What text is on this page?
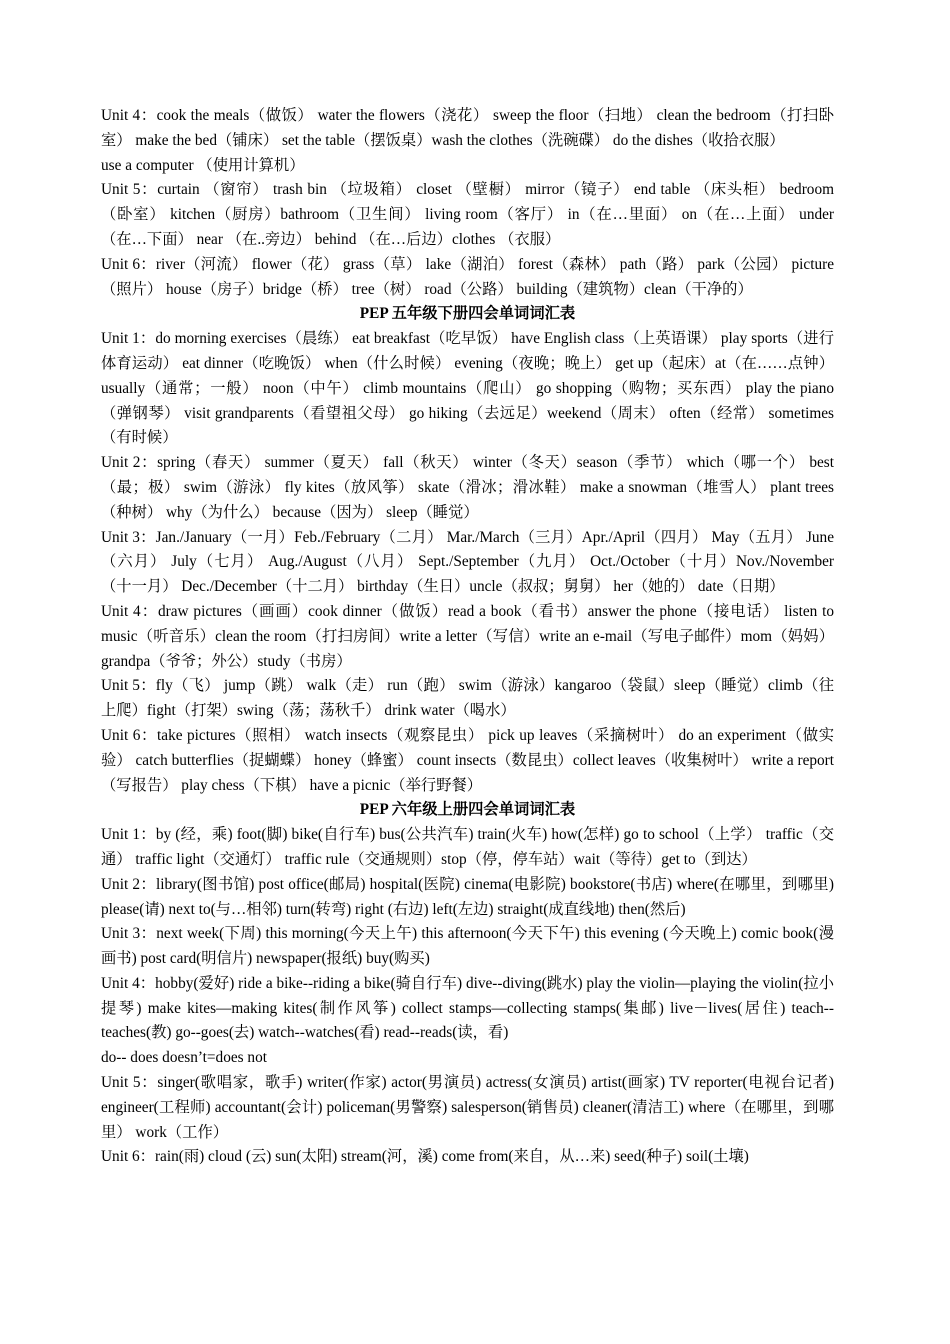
Unit 4：cook the meals（做饭） water the flowers（浇花） sweep the floor（扫地） clean the bedroom（打扫卧室） make the bed（铺床） set the table（摆饭桌）wash the clothes（洗碗碟） do the dishes（收拾衣服）

use a computer （使用计算机）

Unit 5：curtain （窗帘） trash bin （垃圾箱） closet （壁橱） mirror（镜子） end table （床头柜） bedroom（卧室） kitchen（厨房）bathroom（卫生间） living room（客厅） in（在…里面） on（在…上面） under （在…下面） near （在..旁边） behind （在…后边）clothes （衣服）

Unit 6：river（河流） flower（花） grass（草） lake（湖泊） forest（森林） path（路） park（公园） picture（照片） house（房子）bridge（桥） tree（树） road（公路） building（建筑物）clean（干净的）

PEP 五年级下册四会单词词汇表

Unit 1：do morning exercises（晨练） eat breakfast（吃早饭） have English class（上英语课） play sports（进行体育运动） eat dinner（吃晚饭） when（什么时候） evening（夜晚；晚上） get up（起床）at（在……点钟） usually（通常；一般） noon（中午） climb mountains（爬山） go shopping（购物；买东西） play the piano（弹钢琴） visit grandparents（看望祖父母） go hiking（去远足）weekend（周末） often（经常） sometimes（有时候）

Unit 2：spring（春天） summer（夏天） fall（秋天） winter（冬天）season（季节） which（哪一个） best（最；极） swim（游泳） fly kites（放风筝） skate（滑冰；滑冰鞋） make a snowman（堆雪人） plant trees（种树） why（为什么） because（因为） sleep（睡觉）

Unit 3：Jan./January（一月）Feb./February（二月） Mar./March（三月）Apr./April（四月） May（五月） June（六月） July（七月） Aug./August（八月） Sept./September（九月） Oct./October（十月）Nov./November（十一月） Dec./December（十二月） birthday（生日）uncle（叔叔；舅舅） her（她的） date（日期）

Unit 4：draw pictures（画画）cook dinner（做饭）read a book（看书）answer the phone（接电话） listen to music（听音乐）clean the room（打扫房间）write a letter（写信）write an e-mail（写电子邮件）mom（妈妈）grandpa（爷爷；外公）study（书房）

Unit 5：fly（飞） jump（跳） walk（走） run（跑） swim（游泳）kangaroo（袋鼠）sleep（睡觉）climb（往上爬）fight（打架）swing（荡；荡秋千） drink water（喝水）

Unit 6：take pictures（照相） watch insects（观察昆虫） pick up leaves（采摘树叶） do an experiment（做实验） catch butterflies（捉蝴蝶） honey（蜂蜜） count insects（数昆虫）collect leaves（收集树叶） write a report（写报告） play chess（下棋） have a picnic（举行野餐）

PEP 六年级上册四会单词词汇表

Unit 1：by (经，乘) foot(脚) bike(自行车) bus(公共汽车) train(火车) how(怎样) go to school（上学） traffic（交通） traffic light（交通灯） traffic rule（交通规则）stop（停，停车站）wait（等待）get to（到达）

Unit 2：library(图书馆) post office(邮局) hospital(医院) cinema(电影院) bookstore(书店) where(在哪里，到哪里) please(请) next to(与…相邻) turn(转弯) right (右边) left(左边) straight(成直线地) then(然后)

Unit 3：next week(下周) this morning(今天上午) this afternoon(今天下午) this evening (今天晚上) comic book(漫画书) post card(明信片) newspaper(报纸) buy(购买)

Unit 4：hobby(爱好) ride a bike--riding a bike(骑自行车) dive--diving(跳水) play the violin—playing the violin(拉小提琴) make kites—making kites(制作风筝) collect stamps—collecting stamps(集邮) live－lives(居住) teach--teaches(教) go--goes(去) watch--watches(看) read--reads(读，看)

do-- does doesn’t=does not

Unit 5：singer(歌唱家，歌手) writer(作家) actor(男演员) actress(女演员) artist(画家) TV reporter(电视台记者) engineer(工程师) accountant(会计) policeman(男警察) salesperson(销售员) cleaner(清洁工) where（在哪里，到哪里） work（工作）

Unit 6：rain(雨) cloud (云) sun(太阳) stream(河，溪) come from(来自，从…来) seed(种子) soil(土壤)
